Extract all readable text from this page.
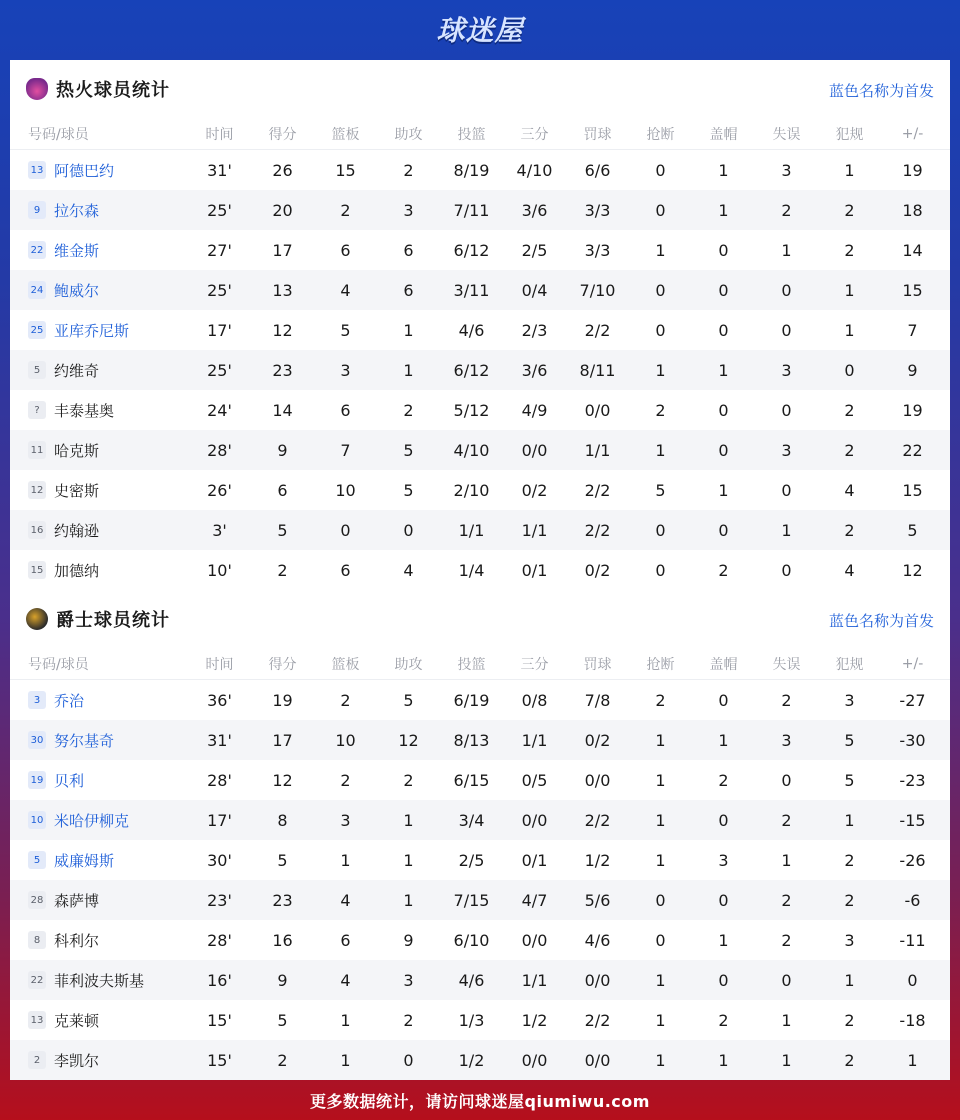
球迷屋
热火球员统计	蓝色名称为首发
号码/球员	时间	得分	篮板	助攻	投篮	三分	罚球	抢断	盖帽	失误	犯规	+/-
13 阿德巴约	31'	26	15	2	8/19	4/10	6/6	0	1	3	1	19
9 拉尔森	25'	20	2	3	7/11	3/6	3/3	0	1	2	2	18
22 维金斯	27'	17	6	6	6/12	2/5	3/3	1	0	1	2	14
24 鲍威尔	25'	13	4	6	3/11	0/4	7/10	0	0	0	1	15
25 亚库乔尼斯	17'	12	5	1	4/6	2/3	2/2	0	0	0	1	7
5 约维奇	25'	23	3	1	6/12	3/6	8/11	1	1	3	0	9
? 丰泰基奥	24'	14	6	2	5/12	4/9	0/0	2	0	0	2	19
11 哈克斯	28'	9	7	5	4/10	0/0	1/1	1	0	3	2	22
12 史密斯	26'	6	10	5	2/10	0/2	2/2	5	1	0	4	15
16 约翰逊	3'	5	0	0	1/1	1/1	2/2	0	0	1	2	5
15 加德纳	10'	2	6	4	1/4	0/1	0/2	0	2	0	4	12
爵士球员统计	蓝色名称为首发
号码/球员	时间	得分	篮板	助攻	投篮	三分	罚球	抢断	盖帽	失误	犯规	+/-
3 乔治	36'	19	2	5	6/19	0/8	7/8	2	0	2	3	-27
30 努尔基奇	31'	17	10	12	8/13	1/1	0/2	1	1	3	5	-30
19 贝利	28'	12	2	2	6/15	0/5	0/0	1	2	0	5	-23
10 米哈伊柳克	17'	8	3	1	3/4	0/0	2/2	1	0	2	1	-15
5 威廉姆斯	30'	5	1	1	2/5	0/1	1/2	1	3	1	2	-26
28 森萨博	23'	23	4	1	7/15	4/7	5/6	0	0	2	2	-6
8 科利尔	28'	16	6	9	6/10	0/0	4/6	0	1	2	3	-11
22 菲利波夫斯基	16'	9	4	3	4/6	1/1	0/0	1	0	0	1	0
13 克莱顿	15'	5	1	2	1/3	1/2	2/2	1	2	1	2	-18
2 李凯尔	15'	2	1	0	1/2	0/0	0/0	1	1	1	2	1
更多数据统计，请访问球迷屋qiumiwu.com
